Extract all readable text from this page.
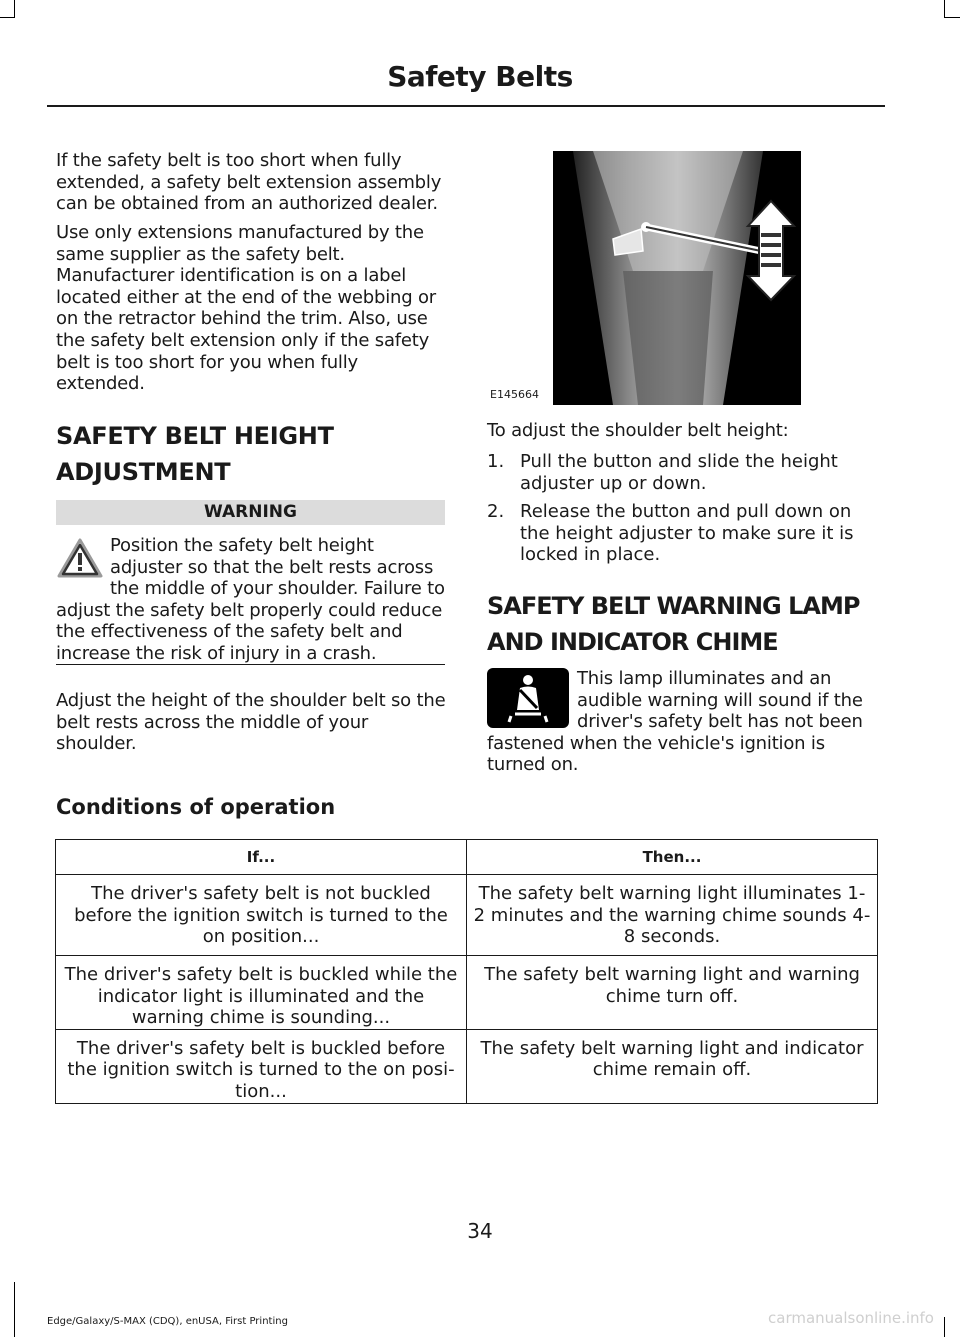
Safety Belts

If the safety belt is too short when fully extended, a safety belt extension assembly can be obtained from an authorized dealer.

Use only extensions manufactured by the same supplier as the safety belt. Manufacturer identification is on a label located either at the end of the webbing or on the retractor behind the trim. Also, use the safety belt extension only if the safety belt is too short for you when fully extended.

SAFETY BELT HEIGHT
ADJUSTMENT
WARNING

Position the safety belt height adjuster so that the belt rests across the middle of your shoulder. Failure to adjust the safety belt properly could reduce the effectiveness of the safety belt and increase the risk of injury in a crash.

Adjust the height of the shoulder belt so the belt rests across the middle of your shoulder.

E145664

To adjust the shoulder belt height:

1. Pull the button and slide the height adjuster up or down.
2. Release the button and pull down on the height adjuster to make sure it is locked in place.
SAFETY BELT WARNING LAMP
AND INDICATOR CHIME

This lamp illuminates and an audible warning will sound if the driver's safety belt has not been fastened when the vehicle's ignition is turned on.

Conditions of operation
If...	Then...
The driver's safety belt is not buckled before the ignition switch is turned to the on position...	The safety belt warning light illuminates 1-2 minutes and the warning chime sounds 4-8 seconds.
The driver's safety belt is buckled while the indicator light is illuminated and the warning chime is sounding...	The safety belt warning light and warning chime turn off.
The driver's safety belt is buckled before the ignition switch is turned to the on posi-tion...	The safety belt warning light and indicator chime remain off.
34
Edge/Galaxy/S-MAX (CDQ), enUSA, First Printing	carmanualsonline.info
